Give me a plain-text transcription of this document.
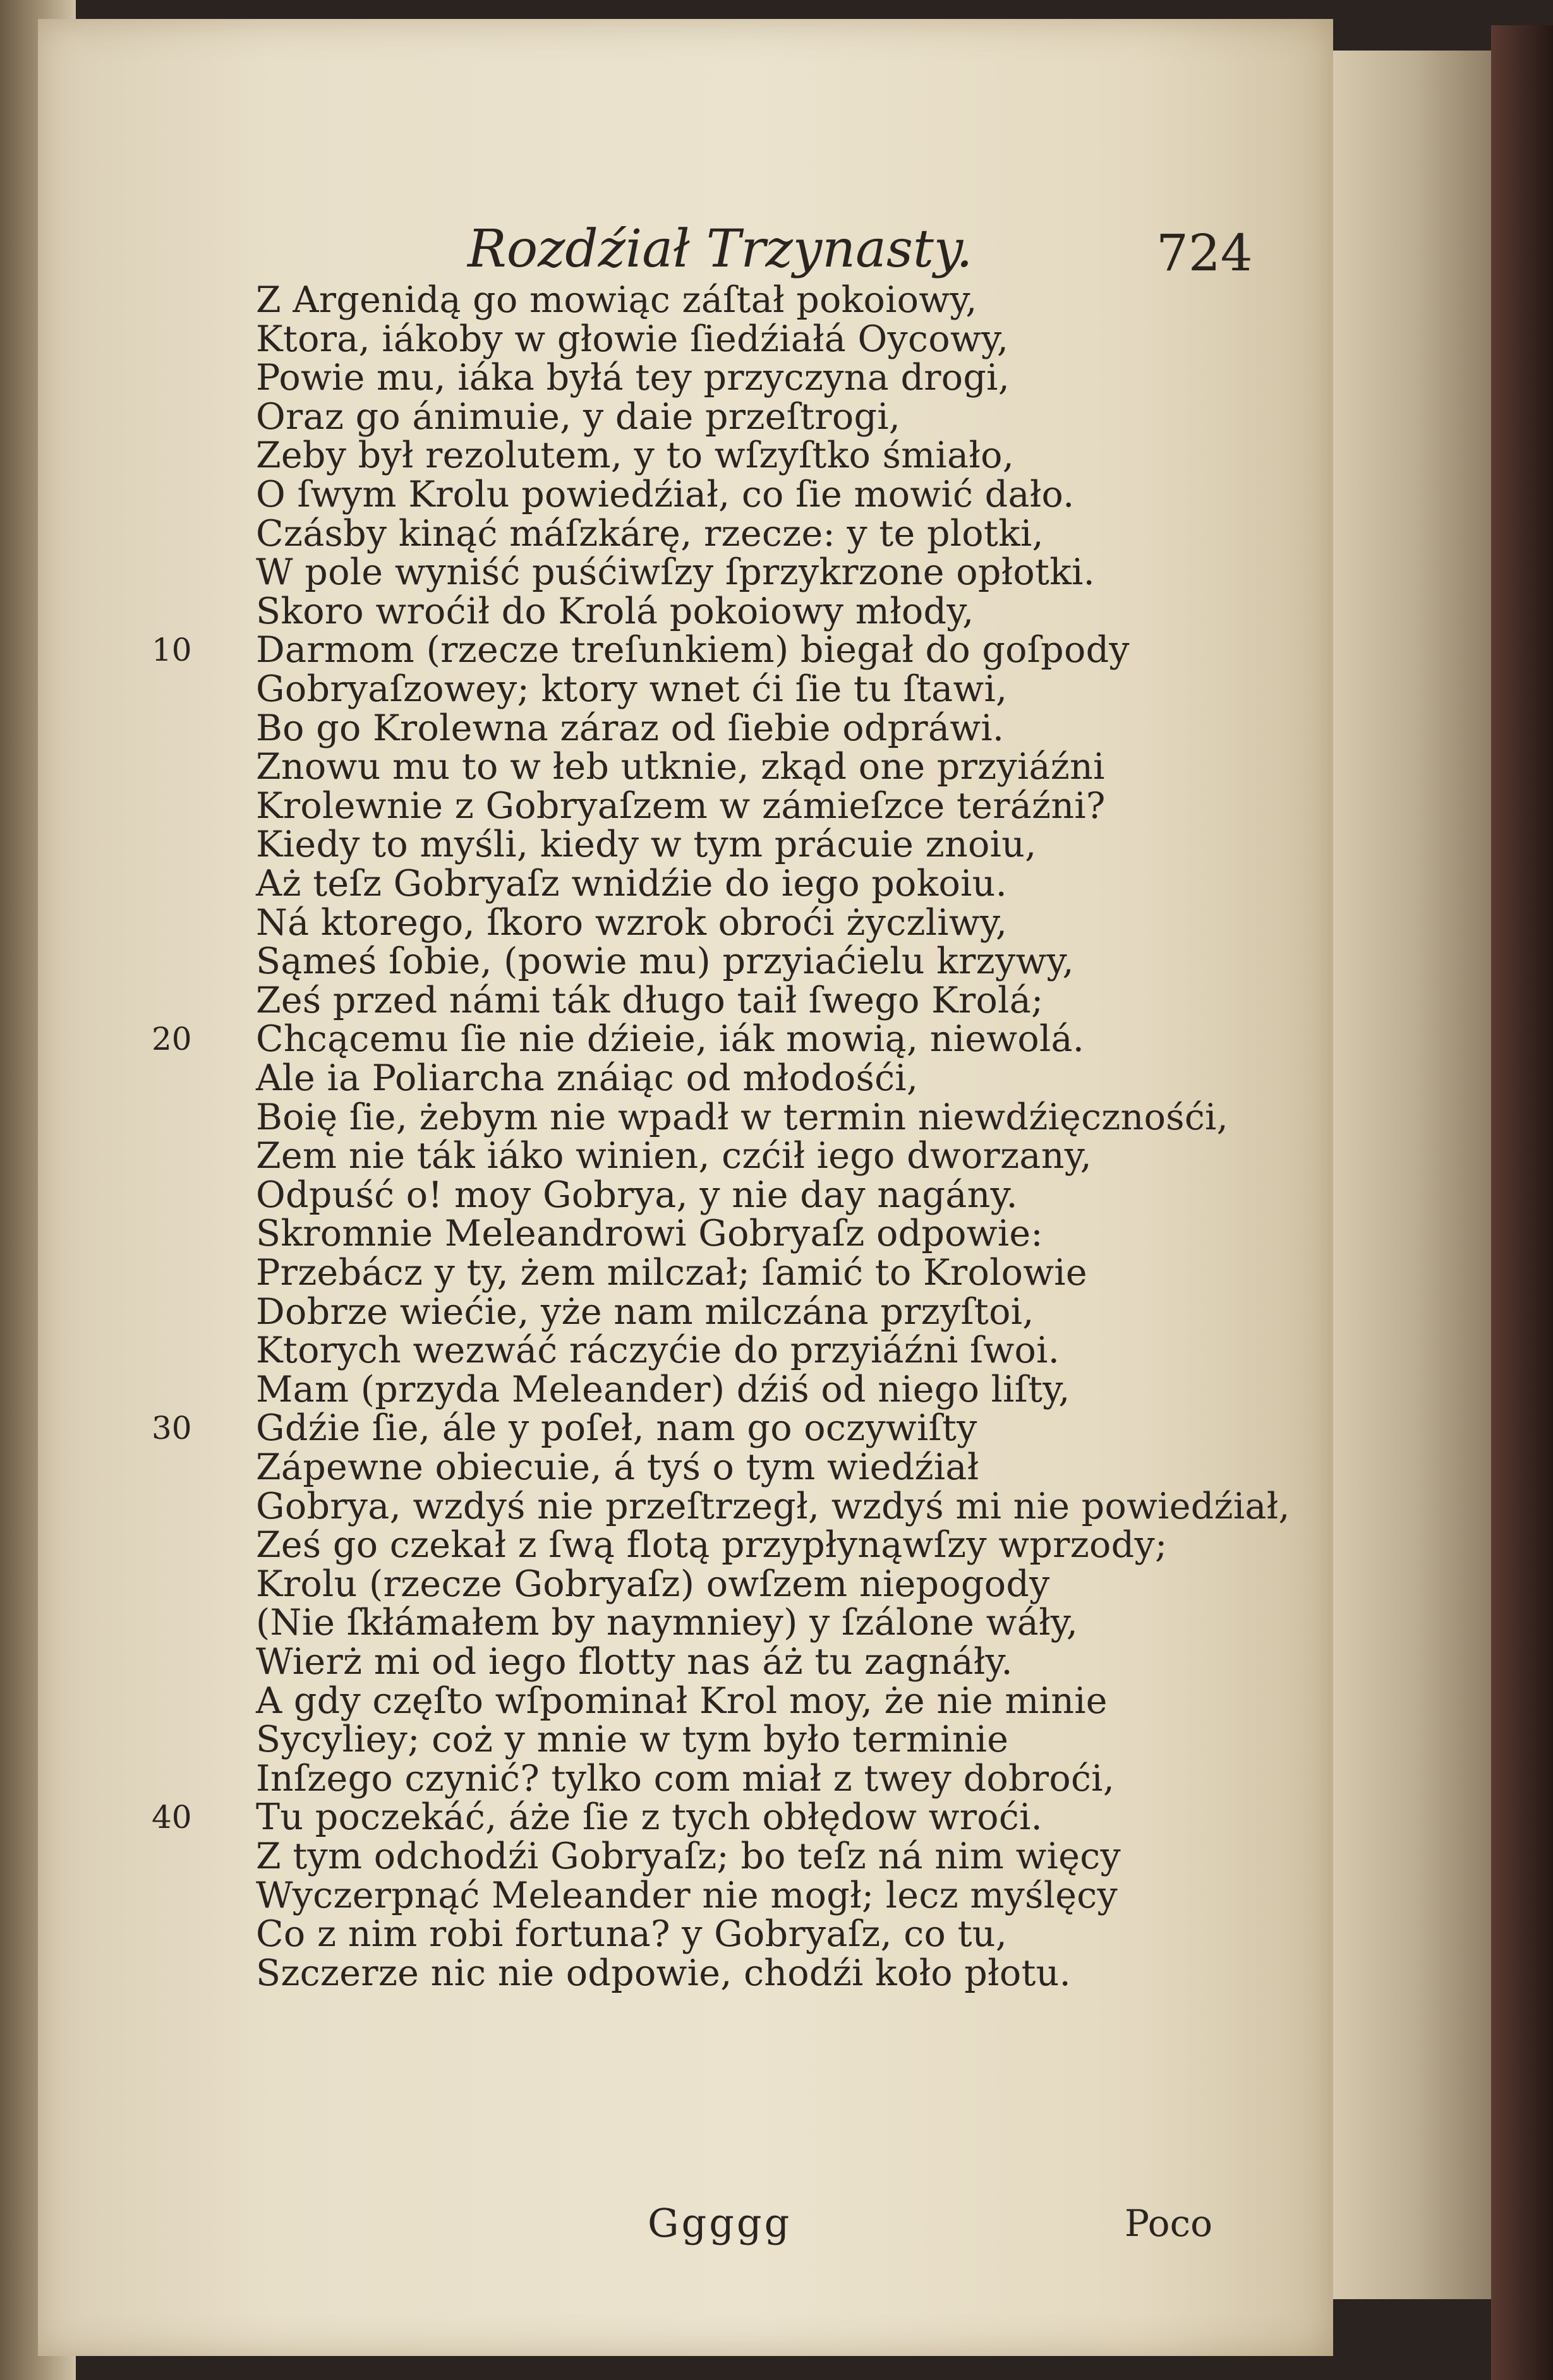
Rozdźiał Trzynasty.	724
Z Argenidą go mowiąc záſtał pokoiowy,
Ktora, iákoby w głowie ſiedźiałá Oycowy,
Powie mu, iáka byłá tey przyczyna drogi,
Oraz go ánimuie, y daie przeſtrogi,
Zeby był rezolutem, y to wſzyſtko śmiało,
O ſwym Krolu powiedźiał, co ſie mowić dało.
Czásby kinąć máſzkárę, rzecze: y te plotki,
W pole wyniść puśćiwſzy ſprzykrzone opłotki.
Skoro wroćił do Krolá pokoiowy młody,
Darmom (rzecze treſunkiem) biegał do goſpody
Gobryaſzowey; ktory wnet ći ſie tu ſtawi,
Bo go Krolewna záraz od ſiebie odpráwi.
Znowu mu to w łeb utknie, zkąd one przyiáźni
Krolewnie z Gobryaſzem w zámieſzce teráźni?
Kiedy to myśli, kiedy w tym prácuie znoiu,
Aż teſz Gobryaſz wnidźie do iego pokoiu.
Ná ktorego, ſkoro wzrok obroći życzliwy,
Sąmeś ſobie, (powie mu) przyiaćielu krzywy,
Ześ przed námi ták długo taił ſwego Krolá;
Chcącemu ſie nie dźieie, iák mowią, niewolá.
Ale ia Poliarcha znáiąc od młodośći,
Boię ſie, żebym nie wpadł w termin niewdźięcznośći,
Zem nie ták iáko winien, czćił iego dworzany,
Odpuść o! moy Gobrya, y nie day nagány.
Skromnie Meleandrowi Gobryaſz odpowie:
Przebácz y ty, żem milczał; ſamić to Krolowie
Dobrze wiećie, yże nam milczána przyſtoi,
Ktorych wezwáć ráczyćie do przyiáźni ſwoi.
Mam (przyda Meleander) dźiś od niego liſty,
Gdźie ſie, ále y poſeł, nam go oczywiſty
Zápewne obiecuie, á tyś o tym wiedźiał
Gobrya, wzdyś nie przeſtrzegł, wzdyś mi nie powiedźiał,
Ześ go czekał z ſwą flotą przypłynąwſzy wprzody;
Krolu (rzecze Gobryaſz) owſzem niepogody
(Nie ſkłámałem by naymniey) y ſzálone wáły,
Wierż mi od iego flotty nas áż tu zagnáły.
A gdy częſto wſpominał Krol moy, że nie minie
Sycyliey; coż y mnie w tym było terminie
Inſzego czynić? tylko com miał z twey dobroći,
Tu poczekáć, áże ſie z tych obłędow wroći.
Z tym odchodźi Gobryaſz; bo teſz ná nim więcy
Wyczerpnąć Meleander nie mogł; lecz myślęcy
Co z nim robi fortuna? y Gobryaſz, co tu,
Szczerze nic nie odpowie, chodźi koło płotu.
10
20
30
40
Ggggg	Poco
